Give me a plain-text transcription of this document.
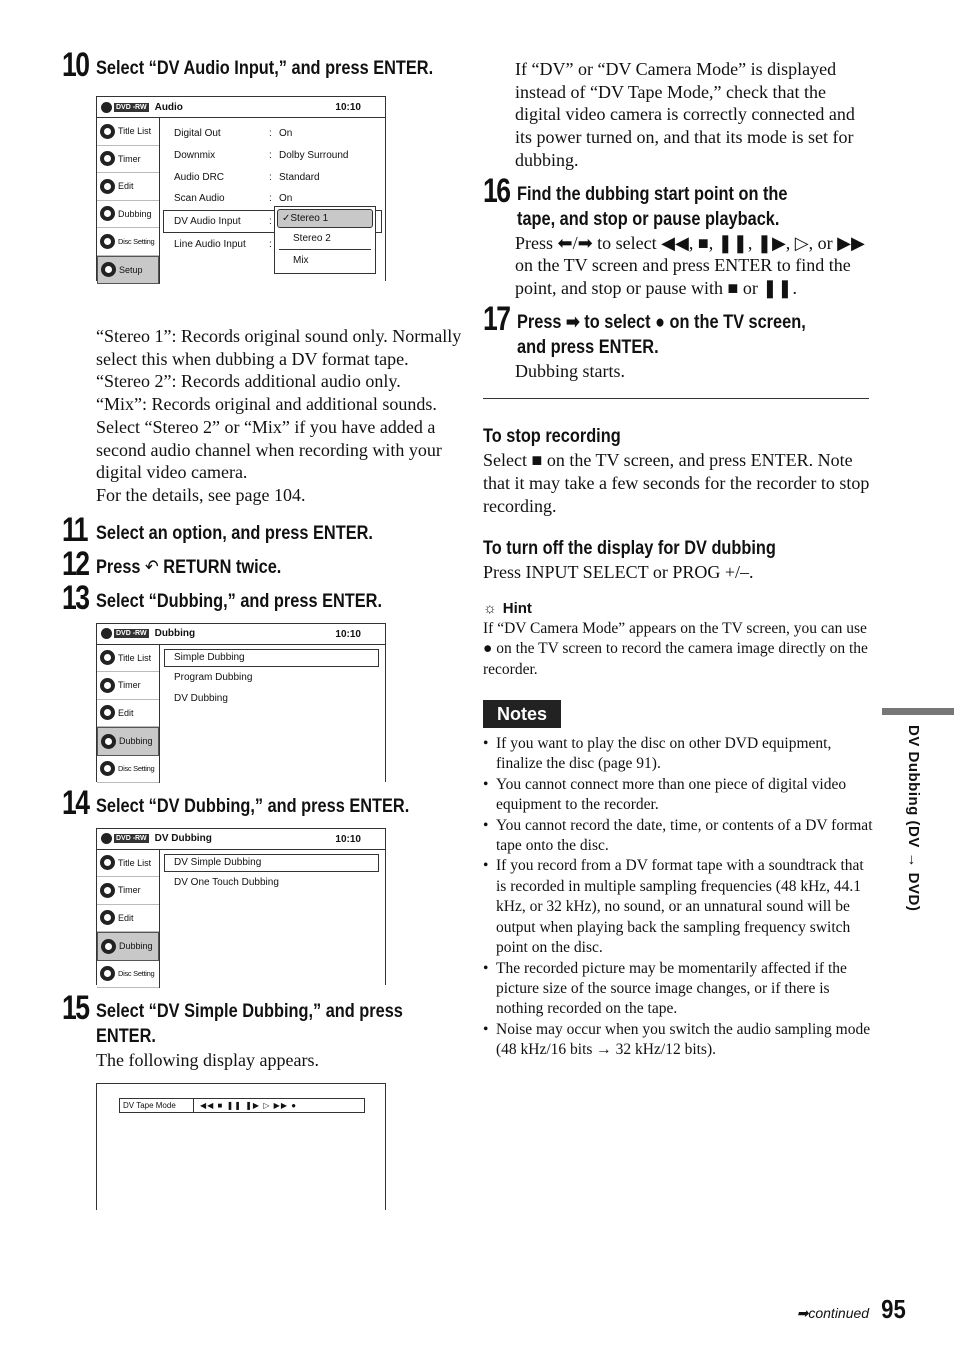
10 Select “DV Audio Input,” and press ENTER.
DVD -RW Audio	10:10
Title List
Timer
Edit
Dubbing
Disc Setting
Setup
Digital Out	: On
Downmix	: Dolby Surround
Audio DRC	: Standard
Scan Audio	: On
DV Audio Input	:
Line Audio Input	:
✓Stereo 1
Stereo 2
Mix

“Stereo 1”: Records original sound only. Normally select this when dubbing a DV format tape.

“Stereo 2”: Records additional audio only.

“Mix”: Records original and additional sounds.

Select “Stereo 2” or “Mix” if you have added a second audio channel when recording with your digital video camera.

For the details, see page 104.

11 Select an option, and press ENTER.
12 Press ↶ RETURN twice.
13 Select “Dubbing,” and press ENTER.
DVD -RW Dubbing	10:10
Title List
Timer
Edit
Dubbing
Disc Setting
Simple Dubbing
Program Dubbing
DV Dubbing
14 Select “DV Dubbing,” and press ENTER.
DVD -RW DV Dubbing	10:10
Title List
Timer
Edit
Dubbing
Disc Setting
DV Simple Dubbing
DV One Touch Dubbing
15 Select “DV Simple Dubbing,” and press ENTER.

The following display appears.

DV Tape Mode	◀◀ ■ ❚❚ ❚▶ ▷ ▶▶ ●

If “DV” or “DV Camera Mode” is displayed instead of “DV Tape Mode,” check that the digital video camera is correctly connected and its power turned on, and that its mode is set for dubbing.

16 Find the dubbing start point on the tape, and stop or pause playback.

Press ⬅/➡ to select ◀◀, ■, ❚❚, ❚▶, ▷, or ▶▶ on the TV screen and press ENTER to find the point, and stop or pause with ■ or ❚❚.

17 Press ➡ to select ● on the TV screen, and press ENTER.

Dubbing starts.

To stop recording

Select ■ on the TV screen, and press ENTER. Note that it may take a few seconds for the recorder to stop recording.

To turn off the display for DV dubbing

Press INPUT SELECT or PROG +/–.

☼ Hint

If “DV Camera Mode” appears on the TV screen, you can use ● on the TV screen to record the camera image directly on the recorder.

Notes
• If you want to play the disc on other DVD equipment, finalize the disc (page 91).
• You cannot connect more than one piece of digital video equipment to the recorder.
• You cannot record the date, time, or contents of a DV format tape onto the disc.
• If you record from a DV format tape with a soundtrack that is recorded in multiple sampling frequencies (48 kHz, 44.1 kHz, or 32 kHz), no sound, or an unnatural sound will be output when playing back the sampling frequency switch point on the disc.
• The recorded picture may be momentarily affected if the picture size of the source image changes, or if there is nothing recorded on the tape.
• Noise may occur when you switch the audio sampling mode (48 kHz/16 bits → 32 kHz/12 bits).
DV Dubbing (DV → DVD)
➡continued 95
